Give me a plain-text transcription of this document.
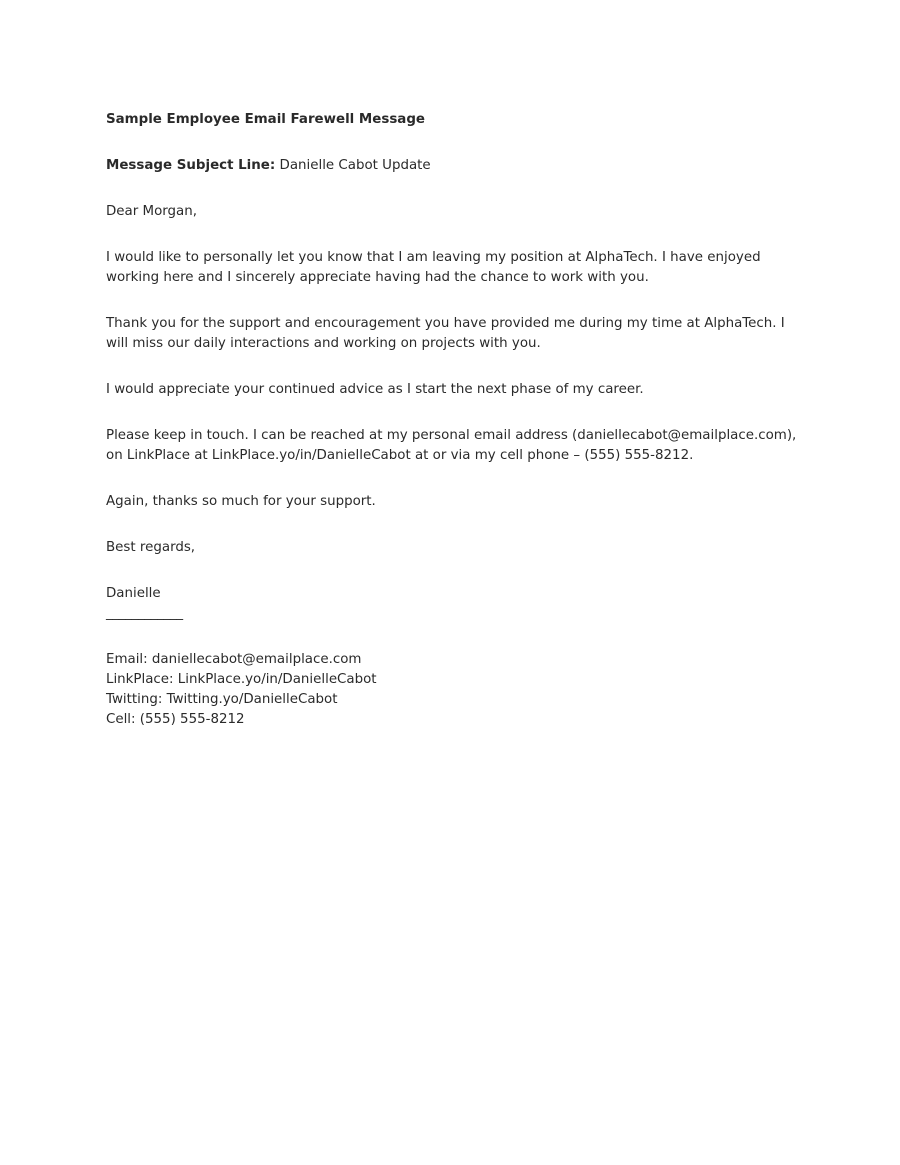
Sample Employee Email Farewell Message

Message Subject Line: Danielle Cabot Update

Dear Morgan,

I would like to personally let you know that I am leaving my position at AlphaTech. I have enjoyed working here and I sincerely appreciate having had the chance to work with you.

Thank you for the support and encouragement you have provided me during my time at AlphaTech. I will miss our daily interactions and working on projects with you.

I would appreciate your continued advice as I start the next phase of my career.

Please keep in touch. I can be reached at my personal email address (daniellecabot@emailplace.com), on LinkPlace at LinkPlace.yo/in/DanielleCabot at or via my cell phone – (555) 555-8212.

Again, thanks so much for your support.

Best regards,

Danielle

____________

Email: daniellecabot@emailplace.com

LinkPlace: LinkPlace.yo/in/DanielleCabot

Twitting: Twitting.yo/DanielleCabot

Cell: (555) 555-8212
